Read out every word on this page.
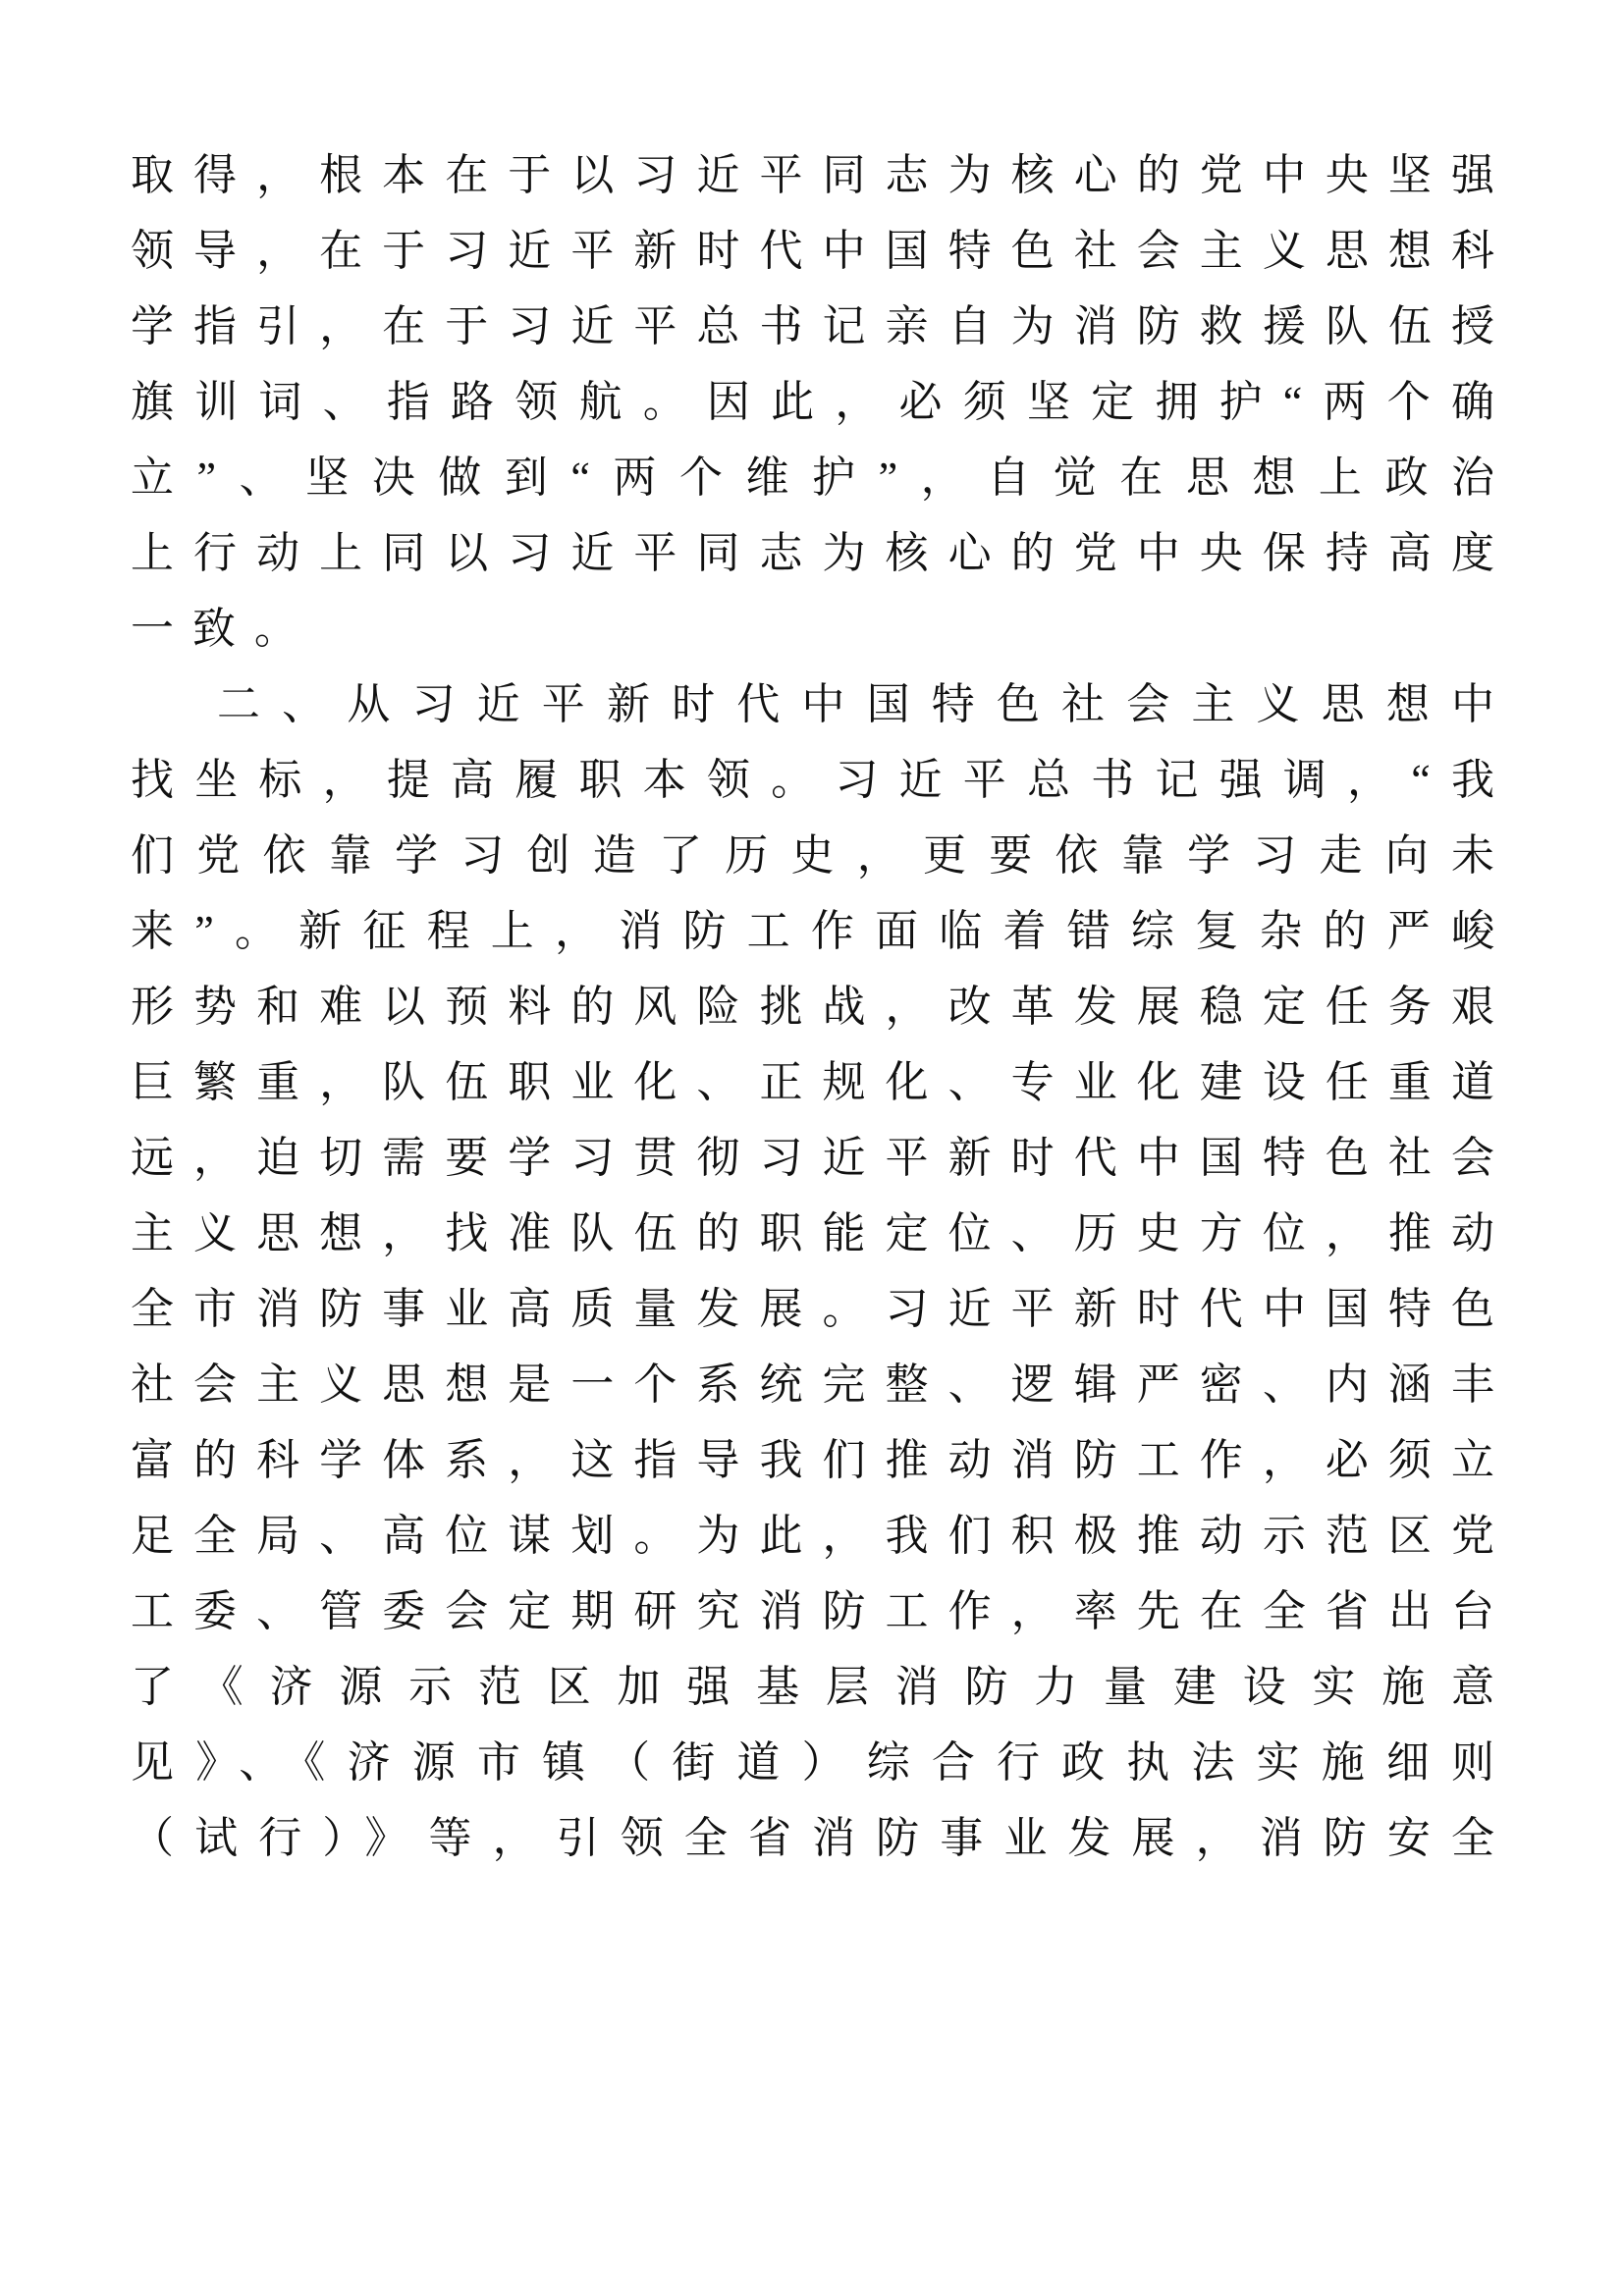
取得，根本在于以习近平同志为核心的党中央坚强
领导，在于习近平新时代中国特色社会主义思想科
学指引，在于习近平总书记亲自为消防救援队伍授
旗训词、指路领航。因此，必须坚定拥护“两个确
立”、坚决做到“两个维护”，自觉在思想上政治
上行动上同以习近平同志为核心的党中央保持高度
一致。
二、从习近平新时代中国特色社会主义思想中
找坐标，提高履职本领。习近平总书记强调，“我
们党依靠学习创造了历史，更要依靠学习走向未
来”。新征程上，消防工作面临着错综复杂的严峻
形势和难以预料的风险挑战，改革发展稳定任务艰
巨繁重，队伍职业化、正规化、专业化建设任重道
远，迫切需要学习贯彻习近平新时代中国特色社会
主义思想，找准队伍的职能定位、历史方位，推动
全市消防事业高质量发展。习近平新时代中国特色
社会主义思想是一个系统完整、逻辑严密、内涵丰
富的科学体系，这指导我们推动消防工作，必须立
足全局、高位谋划。为此，我们积极推动示范区党
工委、管委会定期研究消防工作，率先在全省出台
了《济源示范区加强基层消防力量建设实施意
见》、《济源市镇（街道）综合行政执法实施细则
（试行）》等，引领全省消防事业发展，消防安全
